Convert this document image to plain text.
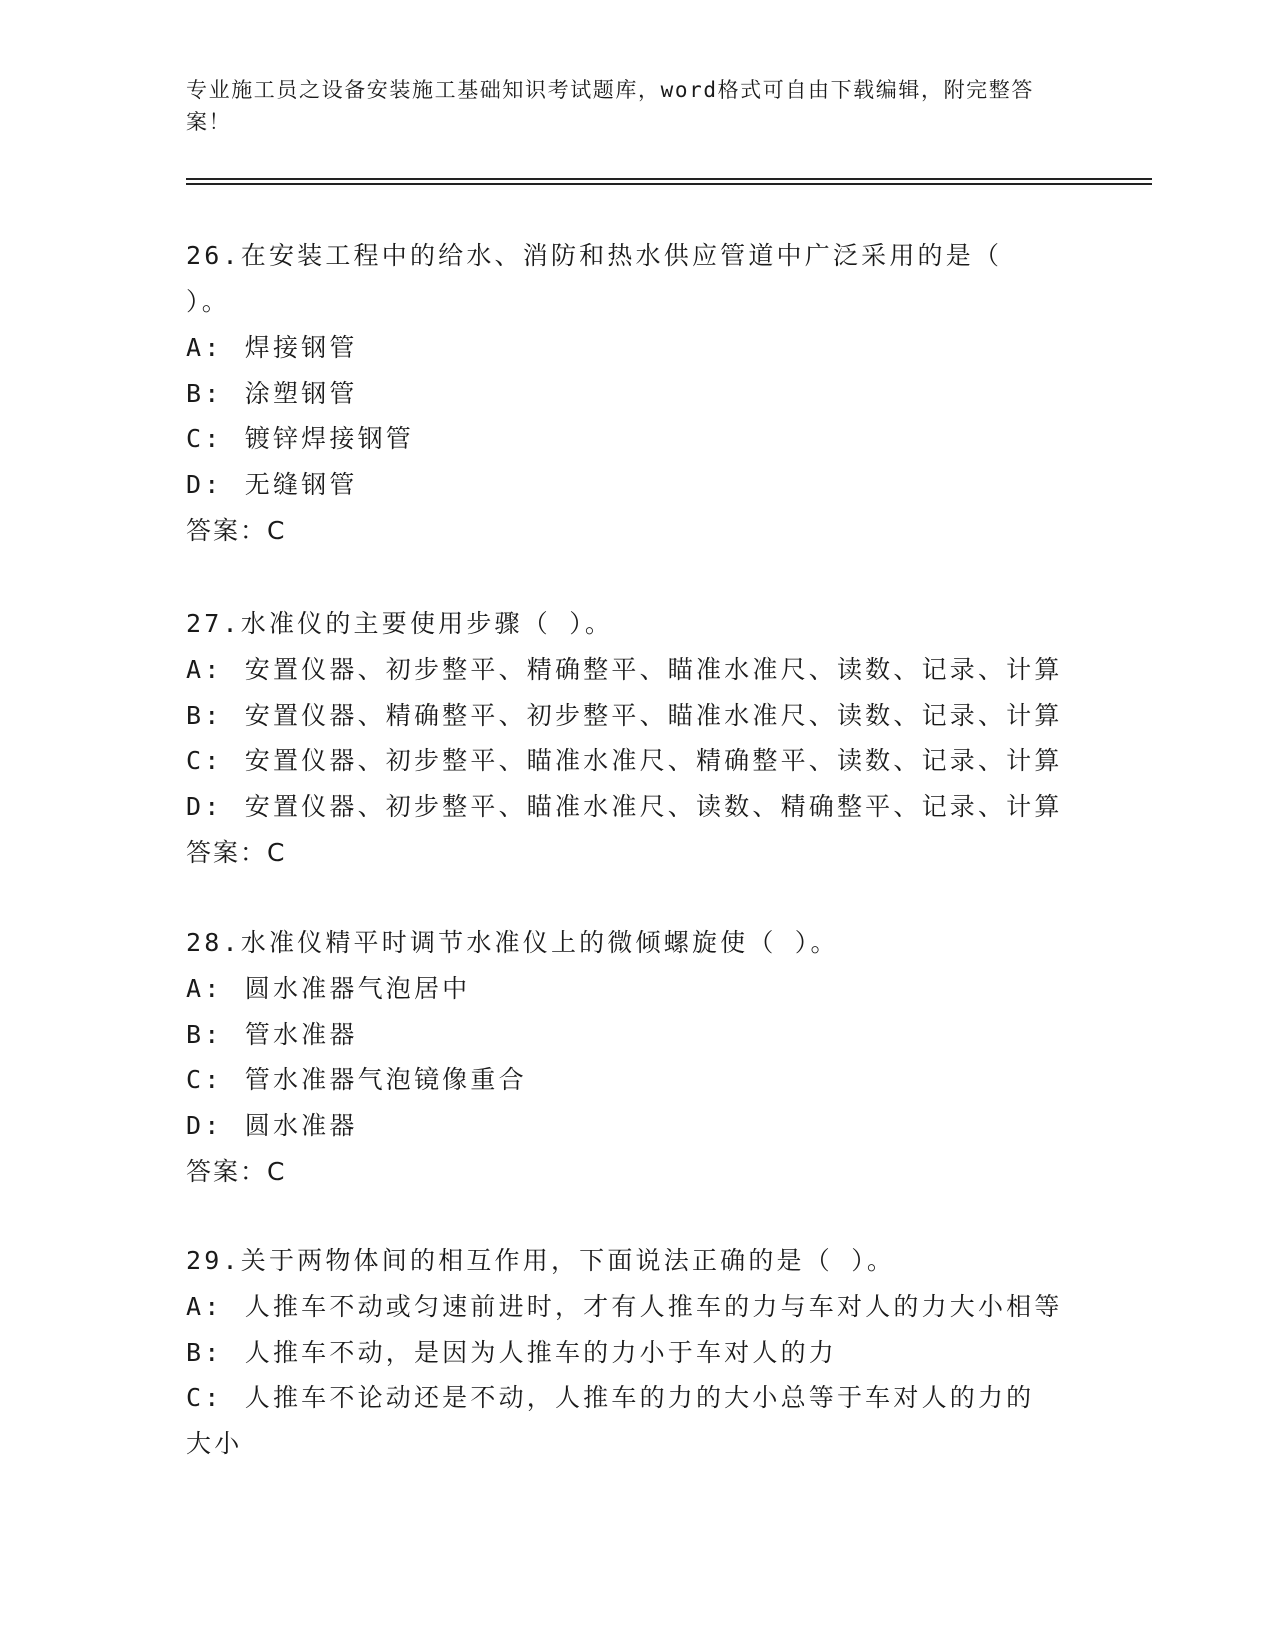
专业施工员之设备安装施工基础知识考试题库，word格式可自由下载编辑，附完整答案！
26.在安装工程中的给水、消防和热水供应管道中广泛采用的是（ ）。
A: 焊接钢管
B: 涂塑钢管
C: 镀锌焊接钢管
D: 无缝钢管
答案：C
27.水准仪的主要使用步骤（ ）。
A: 安置仪器、初步整平、精确整平、瞄准水准尺、读数、记录、计算
B: 安置仪器、精确整平、初步整平、瞄准水准尺、读数、记录、计算
C: 安置仪器、初步整平、瞄准水准尺、精确整平、读数、记录、计算
D: 安置仪器、初步整平、瞄准水准尺、读数、精确整平、记录、计算
答案：C
28.水准仪精平时调节水准仪上的微倾螺旋使（ ）。
A: 圆水准器气泡居中
B: 管水准器
C: 管水准器气泡镜像重合
D: 圆水准器
答案：C
29.关于两物体间的相互作用，下面说法正确的是（ ）。
A: 人推车不动或匀速前进时，才有人推车的力与车对人的力大小相等
B: 人推车不动，是因为人推车的力小于车对人的力
C: 人推车不论动还是不动，人推车的力的大小总等于车对人的力的大小
